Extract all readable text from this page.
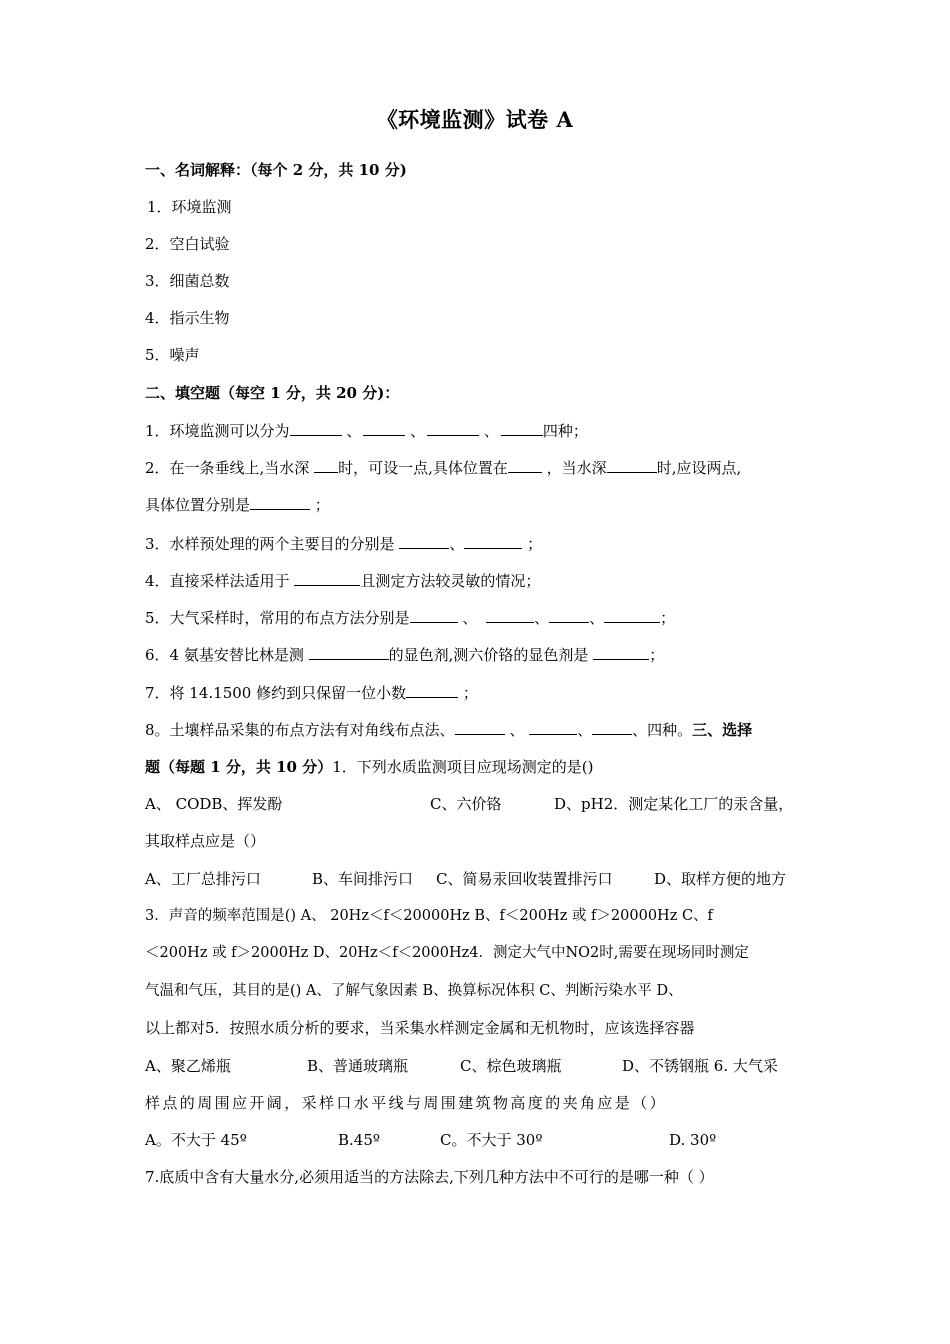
《环境监测》试卷 A
一、名词解释：（每个 2 分，共 10 分)
1．环境监测
2．空白试验
3．细菌总数
4．指示生物
5．噪声
二、填空题（每空 1 分，共 20 分)：
1．环境监测可以分为	、	、	、	四种；
2．在一条垂线上,当水深 时，可设一点,具体位置在	，当水深	时,应设两点,
具体位置分别是	；
3．水样预处理的两个主要目的分别是	、	；
4．直接采样法适用于	且测定方法较灵敏的情况；
5．大气采样时，常用的布点方法分别是	、	、	、	；
6．4 氨基安替比林是测	的显色剂,测六价铬的显色剂是	；
7．将 14.1500 修约到只保留一位小数	；
8。土壤样品采集的布点方法有对角线布点法、	、	、	、四种。三、选择
题（每题 1 分，共 10 分）1．下列水质监测项目应现场测定的是()
A、 CODB、挥发酚	C、六价铬	D、pH2．测定某化工厂的汞含量，
其取样点应是（）
A、工厂总排污口	B、车间排污口 C、简易汞回收装置排污口	D、取样方便的地方
3．声音的频率范围是() A、 20Hz＜f＜20000Hz B、f＜200Hz 或 f＞20000Hz C、f
＜200Hz 或 f＞2000Hz D、20Hz＜f＜2000Hz4．测定大气中NO2时,需要在现场同时测定
气温和气压，其目的是() A、了解气象因素 B、换算标况体积 C、判断污染水平 D、
以上都对5．按照水质分析的要求，当采集水样测定金属和无机物时，应该选择容器
A、聚乙烯瓶	B、普通玻璃瓶	C、棕色玻璃瓶	D、不锈钢瓶 6. 大气采
样点的周围应开阔，采样口水平线与周围建筑物高度的夹角应是（）
A。不大于 45º	B.45º	C。不大于 30º	D. 30º
7.底质中含有大量水分,必须用适当的方法除去,下列几种方法中不可行的是哪一种（ ）
